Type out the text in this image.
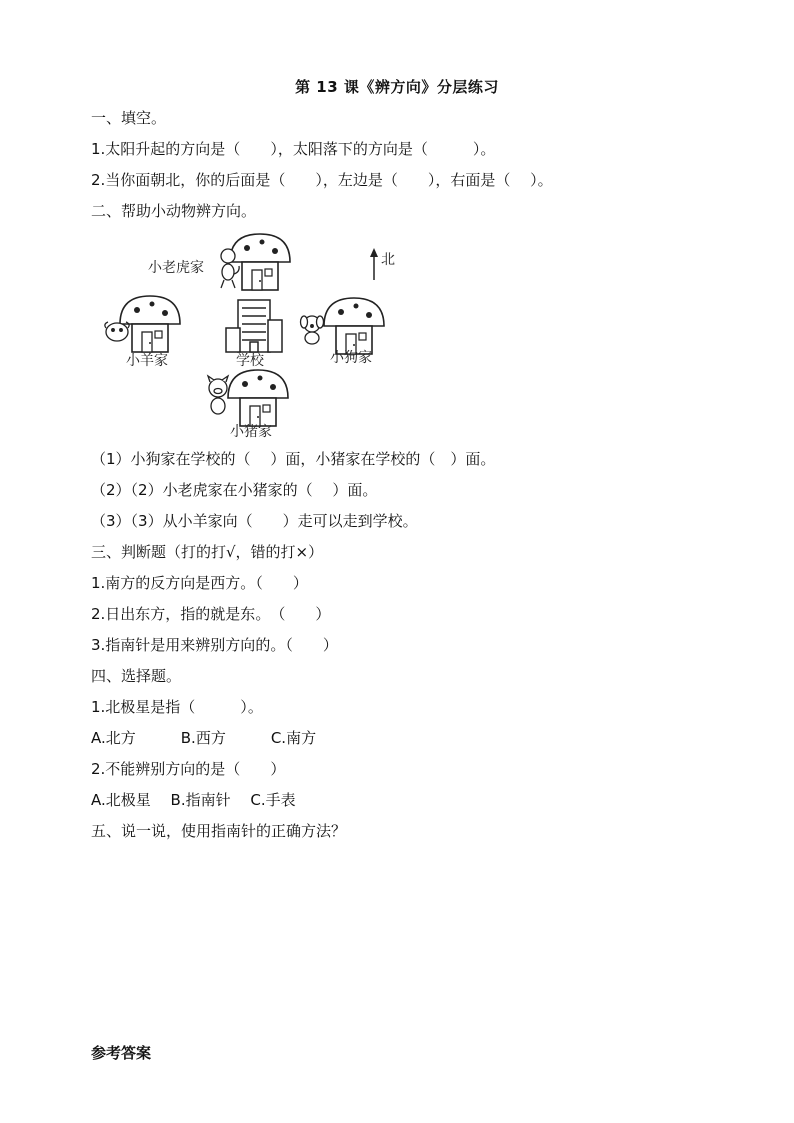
第 13 课《辨方向》分层练习
一、填空。
1.太阳升起的方向是（　　），太阳落下的方向是（　　　）。
2.当你面朝北，你的后面是（　　），左边是（　　），右面是（　 ）。
二、帮助小动物辨方向。
小老虎家	北
小羊家	学校	小狗家
小猪家
（1）小狗家在学校的（　 ）面，小猪家在学校的（　）面。
（2）（2）小老虎家在小猪家的（　 ）面。
（3）（3）从小羊家向（　　）走可以走到学校。
三、判断题（打的打√，错的打×）
1.南方的反方向是西方。（　　）
2.日出东方，指的就是东。　（　　）
3.指南针是用来辨别方向的。（　　）
四、选择题。
1.北极星是指（　　　）。
A.北方　　　B.西方　　　C.南方
2.不能辨别方向的是（　　）
A.北极星　 B.指南针　 C.手表
五、说一说，使用指南针的正确方法？
参考答案
